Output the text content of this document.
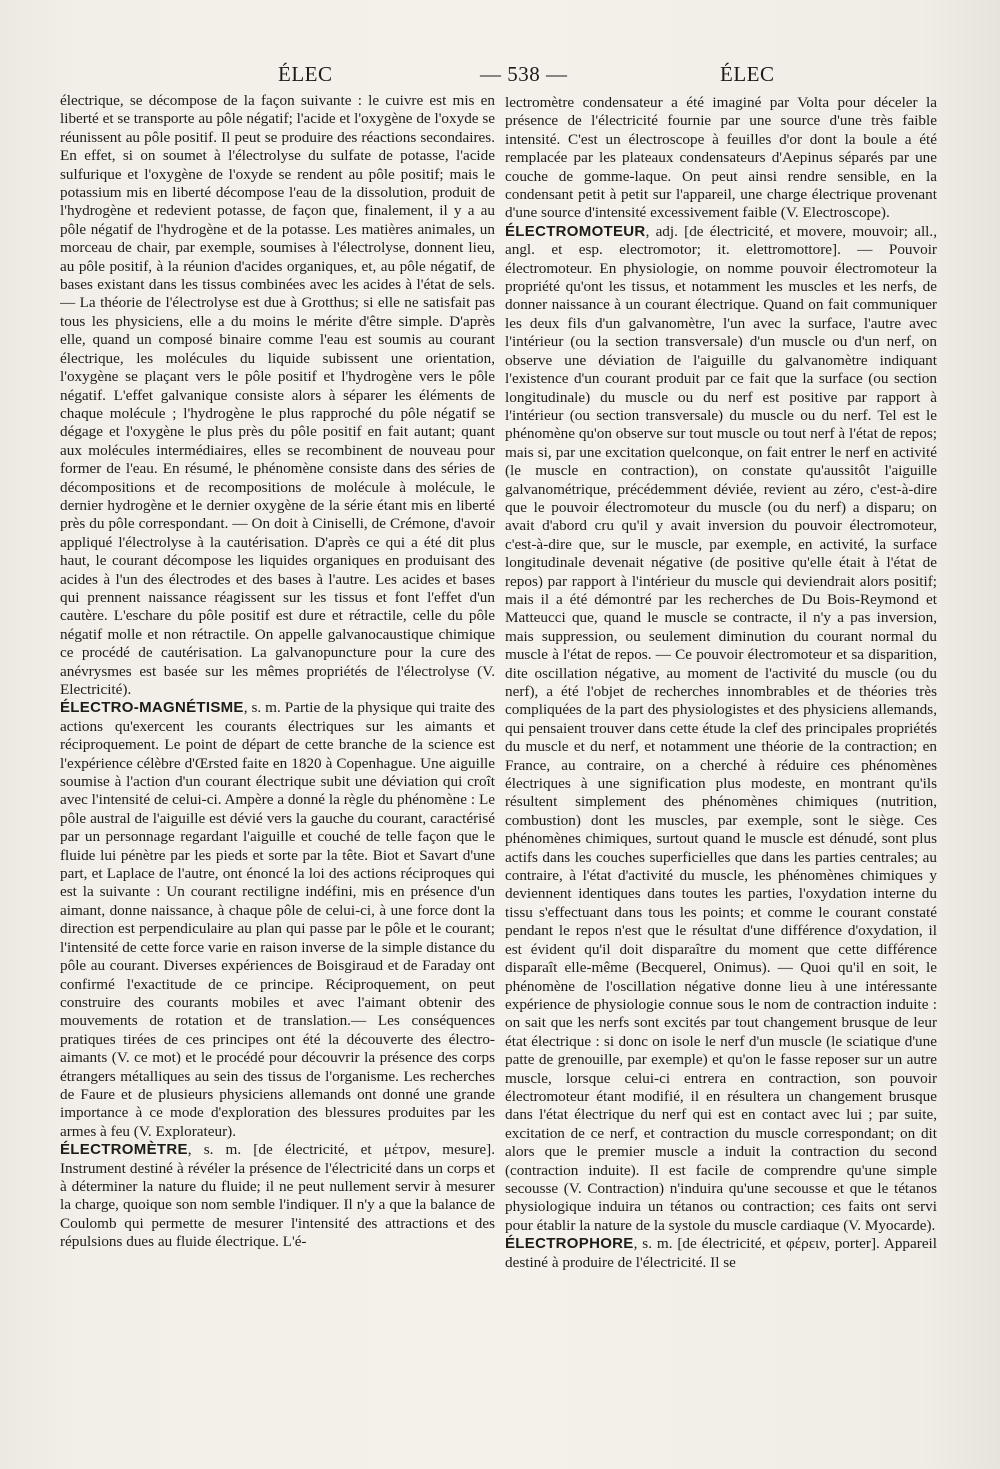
ÉLEC	— 538 —	ÉLEC

électrique, se décompose de la façon suivante : le cuivre est mis en liberté et se transporte au pôle négatif; l'acide et l'oxygène de l'oxyde se réunissent au pôle positif. Il peut se produire des réactions secondaires. En effet, si on soumet à l'électrolyse du sulfate de potasse, l'acide sulfurique et l'oxygène de l'oxyde se rendent au pôle positif; mais le potassium mis en liberté décompose l'eau de la dissolution, produit de l'hydrogène et redevient potasse, de façon que, finalement, il y a au pôle négatif de l'hydrogène et de la potasse. Les matières animales, un morceau de chair, par exemple, soumises à l'électrolyse, donnent lieu, au pôle positif, à la réunion d'acides organiques, et, au pôle négatif, de bases existant dans les tissus combinées avec les acides à l'état de sels. — La théorie de l'électrolyse est due à Grotthus; si elle ne satisfait pas tous les physiciens, elle a du moins le mérite d'être simple. D'après elle, quand un composé binaire comme l'eau est soumis au courant électrique, les molécules du liquide subissent une orientation, l'oxygène se plaçant vers le pôle positif et l'hydrogène vers le pôle négatif. L'effet galvanique consiste alors à séparer les éléments de chaque molécule ; l'hydrogène le plus rapproché du pôle négatif se dégage et l'oxygène le plus près du pôle positif en fait autant; quant aux molécules intermédiaires, elles se recombinent de nouveau pour former de l'eau. En résumé, le phénomène consiste dans des séries de décompositions et de recompositions de molécule à molécule, le dernier hydrogène et le dernier oxygène de la série étant mis en liberté près du pôle correspondant. — On doit à Ciniselli, de Crémone, d'avoir appliqué l'électrolyse à la cautérisation. D'après ce qui a été dit plus haut, le courant décompose les liquides organiques en produisant des acides à l'un des électrodes et des bases à l'autre. Les acides et bases qui prennent naissance réagissent sur les tissus et font l'effet d'un cautère. L'eschare du pôle positif est dure et rétractile, celle du pôle négatif molle et non rétractile. On appelle galvanocaustique chimique ce procédé de cautérisation. La galvanopuncture pour la cure des anévrysmes est basée sur les mêmes propriétés de l'électrolyse (V. Electricité).

ÉLECTRO-MAGNÉTISME, s. m. Partie de la physique qui traite des actions qu'exercent les courants électriques sur les aimants et réciproquement. Le point de départ de cette branche de la science est l'expérience célèbre d'Œrsted faite en 1820 à Copenhague. Une aiguille soumise à l'action d'un courant électrique subit une déviation qui croît avec l'intensité de celui-ci. Ampère a donné la règle du phénomène : Le pôle austral de l'aiguille est dévié vers la gauche du courant, caractérisé par un personnage regardant l'aiguille et couché de telle façon que le fluide lui pénètre par les pieds et sorte par la tête. Biot et Savart d'une part, et Laplace de l'autre, ont énoncé la loi des actions réciproques qui est la suivante : Un courant rectiligne indéfini, mis en présence d'un aimant, donne naissance, à chaque pôle de celui-ci, à une force dont la direction est perpendiculaire au plan qui passe par le pôle et le courant; l'intensité de cette force varie en raison inverse de la simple distance du pôle au courant. Diverses expériences de Boisgiraud et de Faraday ont confirmé l'exactitude de ce principe. Réciproquement, on peut construire des courants mobiles et avec l'aimant obtenir des mouvements de rotation et de translation.— Les conséquences pratiques tirées de ces principes ont été la découverte des électro-aimants (V. ce mot) et le procédé pour découvrir la présence des corps étrangers métalliques au sein des tissus de l'organisme. Les recherches de Faure et de plusieurs physiciens allemands ont donné une grande importance à ce mode d'exploration des blessures produites par les armes à feu (V. Explorateur).

ÉLECTROMÈTRE, s. m. [de électricité, et μέτρον, mesure]. Instrument destiné à révéler la présence de l'électricité dans un corps et à déterminer la nature du fluide; il ne peut nullement servir à mesurer la charge, quoique son nom semble l'indiquer. Il n'y a que la balance de Coulomb qui permette de mesurer l'intensité des attractions et des répulsions dues au fluide électrique. L'é-

lectromètre condensateur a été imaginé par Volta pour déceler la présence de l'électricité fournie par une source d'une très faible intensité. C'est un électroscope à feuilles d'or dont la boule a été remplacée par les plateaux condensateurs d'Aepinus séparés par une couche de gomme-laque. On peut ainsi rendre sensible, en la condensant petit à petit sur l'appareil, une charge électrique provenant d'une source d'intensité excessivement faible (V. Electroscope).

ÉLECTROMOTEUR, adj. [de électricité, et movere, mouvoir; all., angl. et esp. electromotor; it. elettromottore]. — Pouvoir électromoteur. En physiologie, on nomme pouvoir électromoteur la propriété qu'ont les tissus, et notamment les muscles et les nerfs, de donner naissance à un courant électrique. Quand on fait communiquer les deux fils d'un galvanomètre, l'un avec la surface, l'autre avec l'intérieur (ou la section transversale) d'un muscle ou d'un nerf, on observe une déviation de l'aiguille du galvanomètre indiquant l'existence d'un courant produit par ce fait que la surface (ou section longitudinale) du muscle ou du nerf est positive par rapport à l'intérieur (ou section transversale) du muscle ou du nerf. Tel est le phénomène qu'on observe sur tout muscle ou tout nerf à l'état de repos; mais si, par une excitation quelconque, on fait entrer le nerf en activité (le muscle en contraction), on constate qu'aussitôt l'aiguille galvanométrique, précédemment déviée, revient au zéro, c'est-à-dire que le pouvoir électromoteur du muscle (ou du nerf) a disparu; on avait d'abord cru qu'il y avait inversion du pouvoir électromoteur, c'est-à-dire que, sur le muscle, par exemple, en activité, la surface longitudinale devenait négative (de positive qu'elle était à l'état de repos) par rapport à l'intérieur du muscle qui deviendrait alors positif; mais il a été démontré par les recherches de Du Bois-Reymond et Matteucci que, quand le muscle se contracte, il n'y a pas inversion, mais suppression, ou seulement diminution du courant normal du muscle à l'état de repos. — Ce pouvoir électromoteur et sa disparition, dite oscillation négative, au moment de l'activité du muscle (ou du nerf), a été l'objet de recherches innombrables et de théories très compliquées de la part des physiologistes et des physiciens allemands, qui pensaient trouver dans cette étude la clef des principales propriétés du muscle et du nerf, et notamment une théorie de la contraction; en France, au contraire, on a cherché à réduire ces phénomènes électriques à une signification plus modeste, en montrant qu'ils résultent simplement des phénomènes chimiques (nutrition, combustion) dont les muscles, par exemple, sont le siège. Ces phénomènes chimiques, surtout quand le muscle est dénudé, sont plus actifs dans les couches superficielles que dans les parties centrales; au contraire, à l'état d'activité du muscle, les phénomènes chimiques y deviennent identiques dans toutes les parties, l'oxydation interne du tissu s'effectuant dans tous les points; et comme le courant constaté pendant le repos n'est que le résultat d'une différence d'oxydation, il est évident qu'il doit disparaître du moment que cette différence disparaît elle-même (Becquerel, Onimus). — Quoi qu'il en soit, le phénomène de l'oscillation négative donne lieu à une intéressante expérience de physiologie connue sous le nom de contraction induite : on sait que les nerfs sont excités par tout changement brusque de leur état électrique : si donc on isole le nerf d'un muscle (le sciatique d'une patte de grenouille, par exemple) et qu'on le fasse reposer sur un autre muscle, lorsque celui-ci entrera en contraction, son pouvoir électromoteur étant modifié, il en résultera un changement brusque dans l'état électrique du nerf qui est en contact avec lui ; par suite, excitation de ce nerf, et contraction du muscle correspondant; on dit alors que le premier muscle a induit la contraction du second (contraction induite). Il est facile de comprendre qu'une simple secousse (V. Contraction) n'induira qu'une secousse et que le tétanos physiologique induira un tétanos ou contraction; ces faits ont servi pour établir la nature de la systole du muscle cardiaque (V. Myocarde).

ÉLECTROPHORE, s. m. [de électricité, et φέρειν, porter]. Appareil destiné à produire de l'électricité. Il se
